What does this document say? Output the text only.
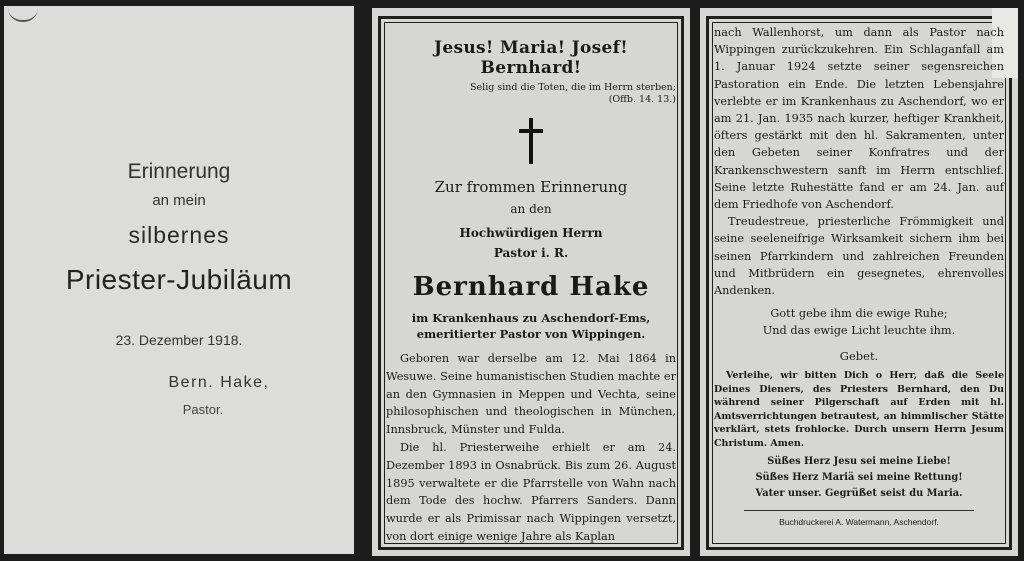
Erinnerung
an mein
silbernes
Priester-Jubiläum
23. Dezember 1918.
Bern. Hake,
Pastor.
Jesus! Maria! Josef! Bernhard!
Selig sind die Toten, die im Herrn sterben;
(Offb. 14. 13.)
Zur frommen Erinnerung
an den
Hochwürdigen Herrn
Pastor i. R.
Bernhard Hake
im Krankenhaus zu Aschendorf-Ems,
emeritierter Pastor von Wippingen.

Geboren war derselbe am 12. Mai 1864 in Wesuwe. Seine humanistischen Studien machte er an den Gymnasien in Meppen und Vechta, seine philosophischen und theologischen in München, Innsbruck, Münster und Fulda.

Die hl. Priesterweihe erhielt er am 24. Dezember 1893 in Osnabrück. Bis zum 26. August 1895 verwaltete er die Pfarrstelle von Wahn nach dem Tode des hochw. Pfarrers Sanders. Dann wurde er als Primissar nach Wippingen versetzt, von dort einige wenige Jahre als Kaplan

nach Wallenhorst, um dann als Pastor nach Wippingen zurückzukehren. Ein Schlaganfall am 1. Januar 1924 setzte seiner segensreichen Pastoration ein Ende. Die letzten Lebensjahre verlebte er im Krankenhaus zu Aschendorf, wo er am 21. Jan. 1935 nach kurzer, heftiger Krankheit, öfters gestärkt mit den hl. Sakramenten, unter den Gebeten seiner Konfratres und der Krankenschwestern sanft im Herrn entschlief. Seine letzte Ruhestätte fand er am 24. Jan. auf dem Friedhofe von Aschendorf.

Treudestreue, priesterliche Frömmigkeit und seine seeleneifrige Wirksamkeit sichern ihm bei seinen Pfarrkindern und zahlreichen Freunden und Mitbrüdern ein gesegnetes, ehrenvolles Andenken.

Gott gebe ihm die ewige Ruhe;
Und das ewige Licht leuchte ihm.
Gebet.

Verleihe, wir bitten Dich o Herr, daß die Seele Deines Dieners, des Priesters Bernhard, den Du während seiner Pilgerschaft auf Erden mit hl. Amtsverrichtungen betrautest, an himmlischer Stätte verklärt, stets frohlocke. Durch unsern Herrn Jesum Christum. Amen.

Süßes Herz Jesu sei meine Liebe!
Süßes Herz Mariä sei meine Rettung!
Vater unser. Gegrüßet seist du Maria.
Buchdruckerei A. Watermann, Aschendorf.
